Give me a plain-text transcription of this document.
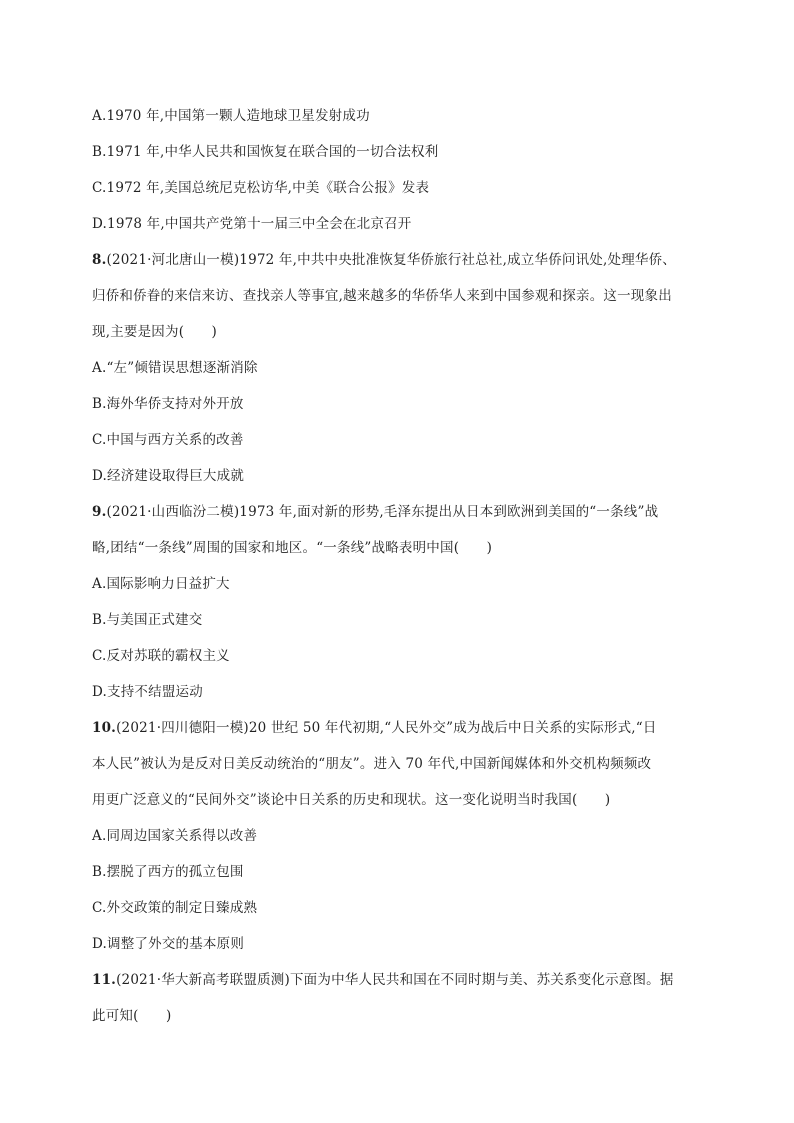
A.1970 年,中国第一颗人造地球卫星发射成功
B.1971 年,中华人民共和国恢复在联合国的一切合法权利
C.1972 年,美国总统尼克松访华,中美《联合公报》发表
D.1978 年,中国共产党第十一届三中全会在北京召开
8.(2021·河北唐山一模)1972 年,中共中央批准恢复华侨旅行社总社,成立华侨问讯处,处理华侨、
归侨和侨眷的来信来访、查找亲人等事宜,越来越多的华侨华人来到中国参观和探亲。这一现象出
现,主要是因为(　　)
A.“左”倾错误思想逐渐消除
B.海外华侨支持对外开放
C.中国与西方关系的改善
D.经济建设取得巨大成就
9.(2021·山西临汾二模)1973 年,面对新的形势,毛泽东提出从日本到欧洲到美国的“一条线”战
略,团结“一条线”周围的国家和地区。“一条线”战略表明中国(　　)
A.国际影响力日益扩大
B.与美国正式建交
C.反对苏联的霸权主义
D.支持不结盟运动
10.(2021·四川德阳一模)20 世纪 50 年代初期,“人民外交”成为战后中日关系的实际形式,“日
本人民”被认为是反对日美反动统治的“朋友”。进入 70 年代,中国新闻媒体和外交机构频频改
用更广泛意义的“民间外交”谈论中日关系的历史和现状。这一变化说明当时我国(　　)
A.同周边国家关系得以改善
B.摆脱了西方的孤立包围
C.外交政策的制定日臻成熟
D.调整了外交的基本原则
11.(2021·华大新高考联盟质测)下面为中华人民共和国在不同时期与美、苏关系变化示意图。据
此可知(　　)
